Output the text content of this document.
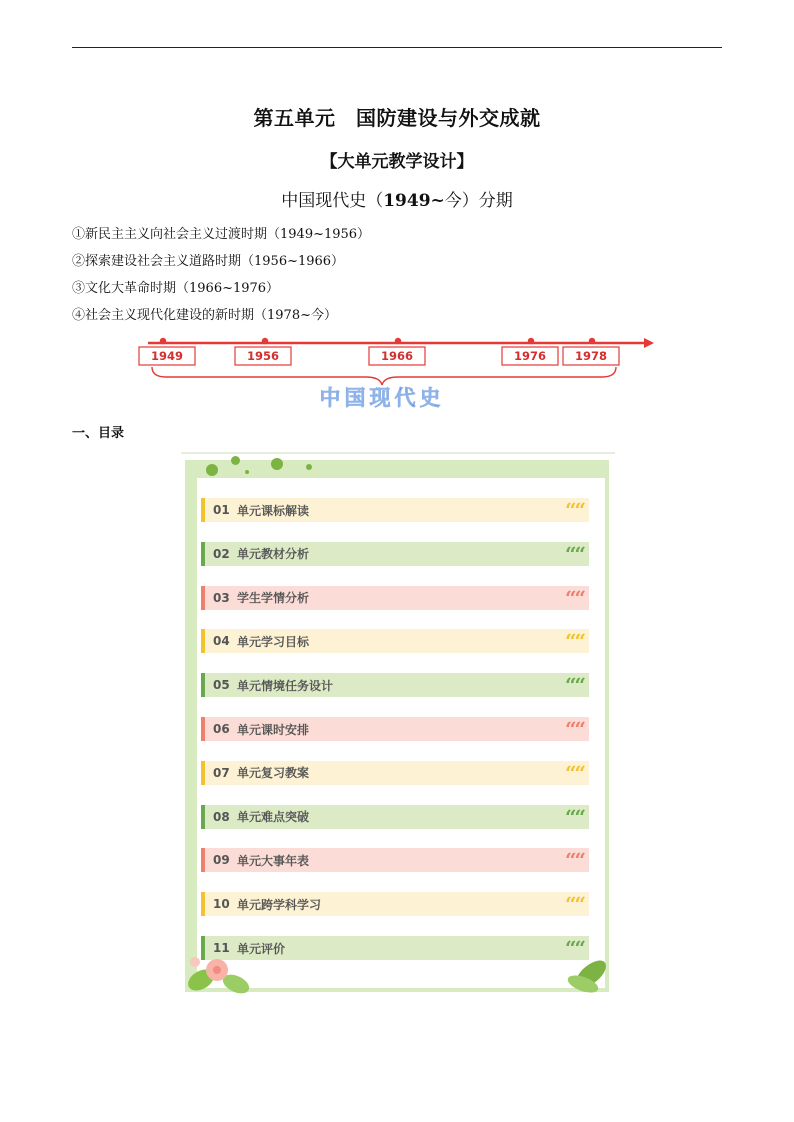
第五单元　国防建设与外交成就
【大单元教学设计】
中国现代史（1949~今）分期
①新民主主义向社会主义过渡时期（1949~1956）
②探索建设社会主义道路时期（1956~1966）
③文化大革命时期（1966~1976）
④社会主义现代化建设的新时期（1978~今）
1949	1956	1966	1976	1978
中国现代史
一、目录
01 单元课标解读	““
02 单元教材分析	““
03 学生学情分析	““
04 单元学习目标	““
05 单元情境任务设计	““
06 单元课时安排	““
07 单元复习教案	““
08 单元难点突破	““
09 单元大事年表	““
10 单元跨学科学习	““
11 单元评价	““
